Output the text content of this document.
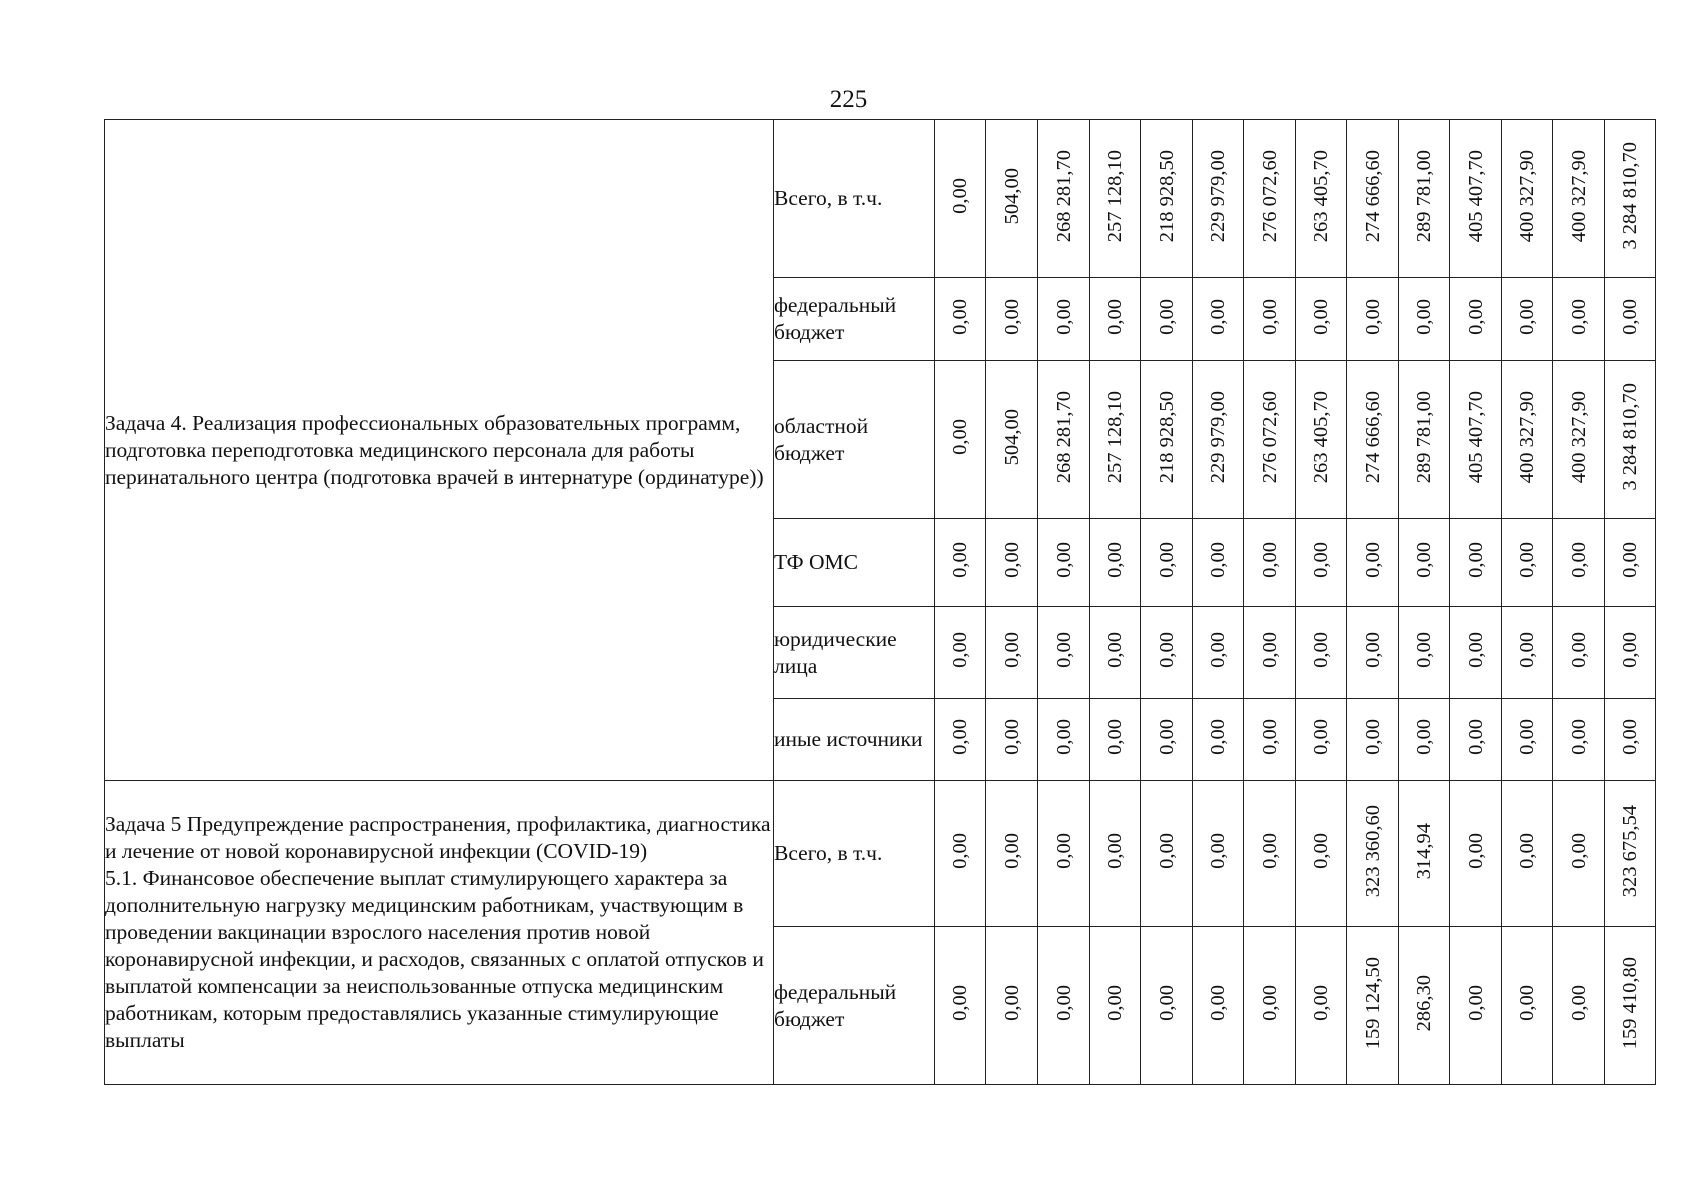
225
Задача 4. Реализация профессиональных образовательных программ, подготовка переподготовка медицинского персонала для работы перинатального центра (подготовка врачей в интернатуре (ординатуре))	Всего, в т.ч.	0,00	504,00	268 281,70	257 128,10	218 928,50	229 979,00	276 072,60	263 405,70	274 666,60	289 781,00	405 407,70	400 327,90	400 327,90	3 284 810,70
	федеральный бюджет	0,00	0,00	0,00	0,00	0,00	0,00	0,00	0,00	0,00	0,00	0,00	0,00	0,00	0,00
	областной бюджет	0,00	504,00	268 281,70	257 128,10	218 928,50	229 979,00	276 072,60	263 405,70	274 666,60	289 781,00	405 407,70	400 327,90	400 327,90	3 284 810,70
	ТФ ОМС	0,00	0,00	0,00	0,00	0,00	0,00	0,00	0,00	0,00	0,00	0,00	0,00	0,00	0,00
	юридические лица	0,00	0,00	0,00	0,00	0,00	0,00	0,00	0,00	0,00	0,00	0,00	0,00	0,00	0,00
	иные источники	0,00	0,00	0,00	0,00	0,00	0,00	0,00	0,00	0,00	0,00	0,00	0,00	0,00	0,00

Задача 5 Предупреждение распространения, профилактика, диагностика и лечение от новой коронавирусной инфекции (COVID-19)
5.1. Финансовое обеспечение выплат стимулирующего характера за дополнительную нагрузку медицинским работникам, участвующим в проведении вакцинации взрослого населения против новой коронавирусной инфекции, и расходов, связанных с оплатой отпусков и выплатой компенсации за неиспользованные отпуска медицинским работникам, которым предоставлялись указанные стимулирующие выплаты	Всего, в т.ч.	0,00	0,00	0,00	0,00	0,00	0,00	0,00	0,00	323 360,60	314,94	0,00	0,00	0,00	323 675,54
	федеральный бюджет	0,00	0,00	0,00	0,00	0,00	0,00	0,00	0,00	159 124,50	286,30	0,00	0,00	0,00	159 410,80
